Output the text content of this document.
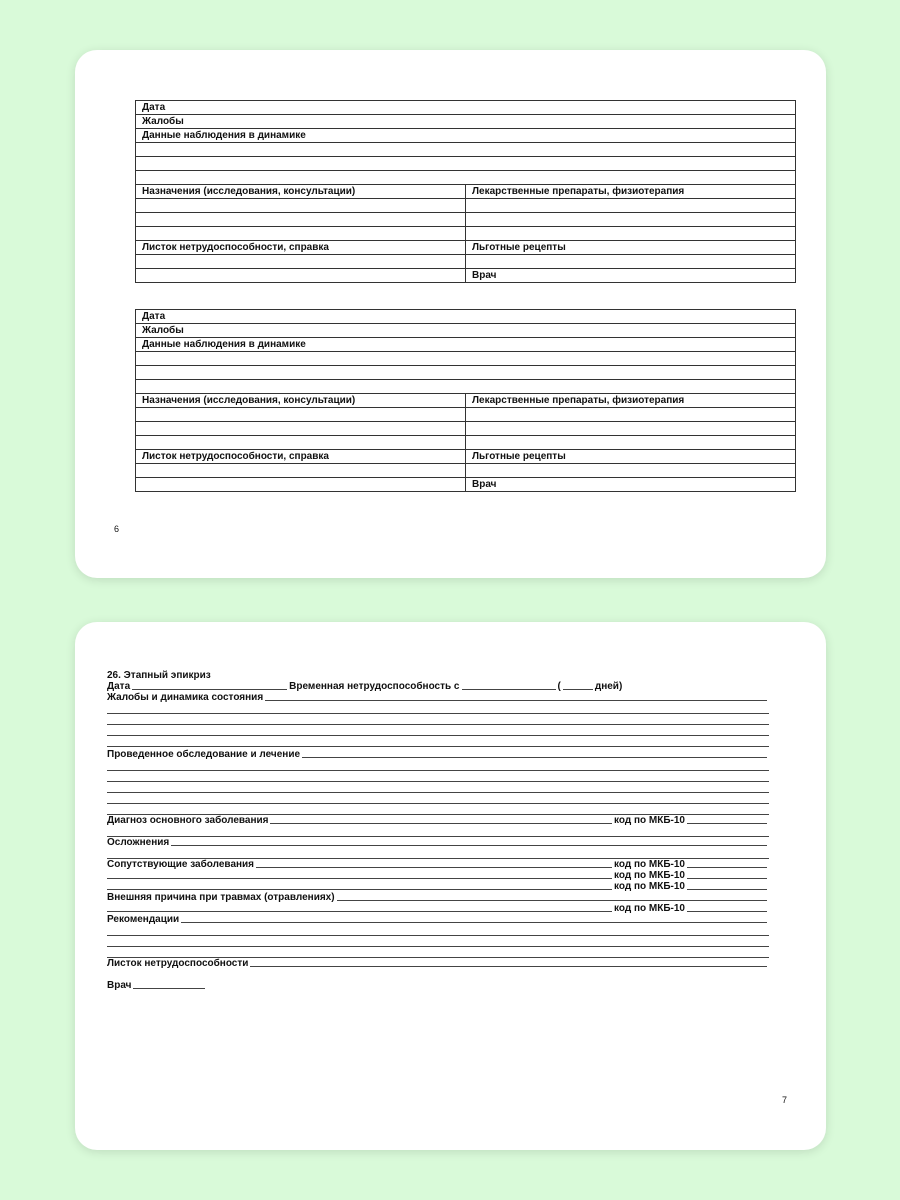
Дата	
Жалобы	
Данные наблюдения в динамике	

Назначения (исследования, консультации)	Лекарственные препараты, физиотерапия

Листок нетрудоспособности, справка	Льготные рецепты

	Врач
Дата	
Жалобы	
Данные наблюдения в динамике	

Назначения (исследования, консультации)	Лекарственные препараты, физиотерапия

Листок нетрудоспособности, справка	Льготные рецепты

	Врач
6
26. Этапный эпикриз
Дата	Временная нетрудоспособность с	(	дней)
Жалобы и динамика состояния
Проведенное обследование и лечение
Диагноз основного заболевания	код по МКБ-10
Осложнения
Сопутствующие заболевания	код по МКБ-10
код по МКБ-10
код по МКБ-10
Внешняя причина при травмах (отравлениях)
код по МКБ-10
Рекомендации
Листок нетрудоспособности
Врач
7
